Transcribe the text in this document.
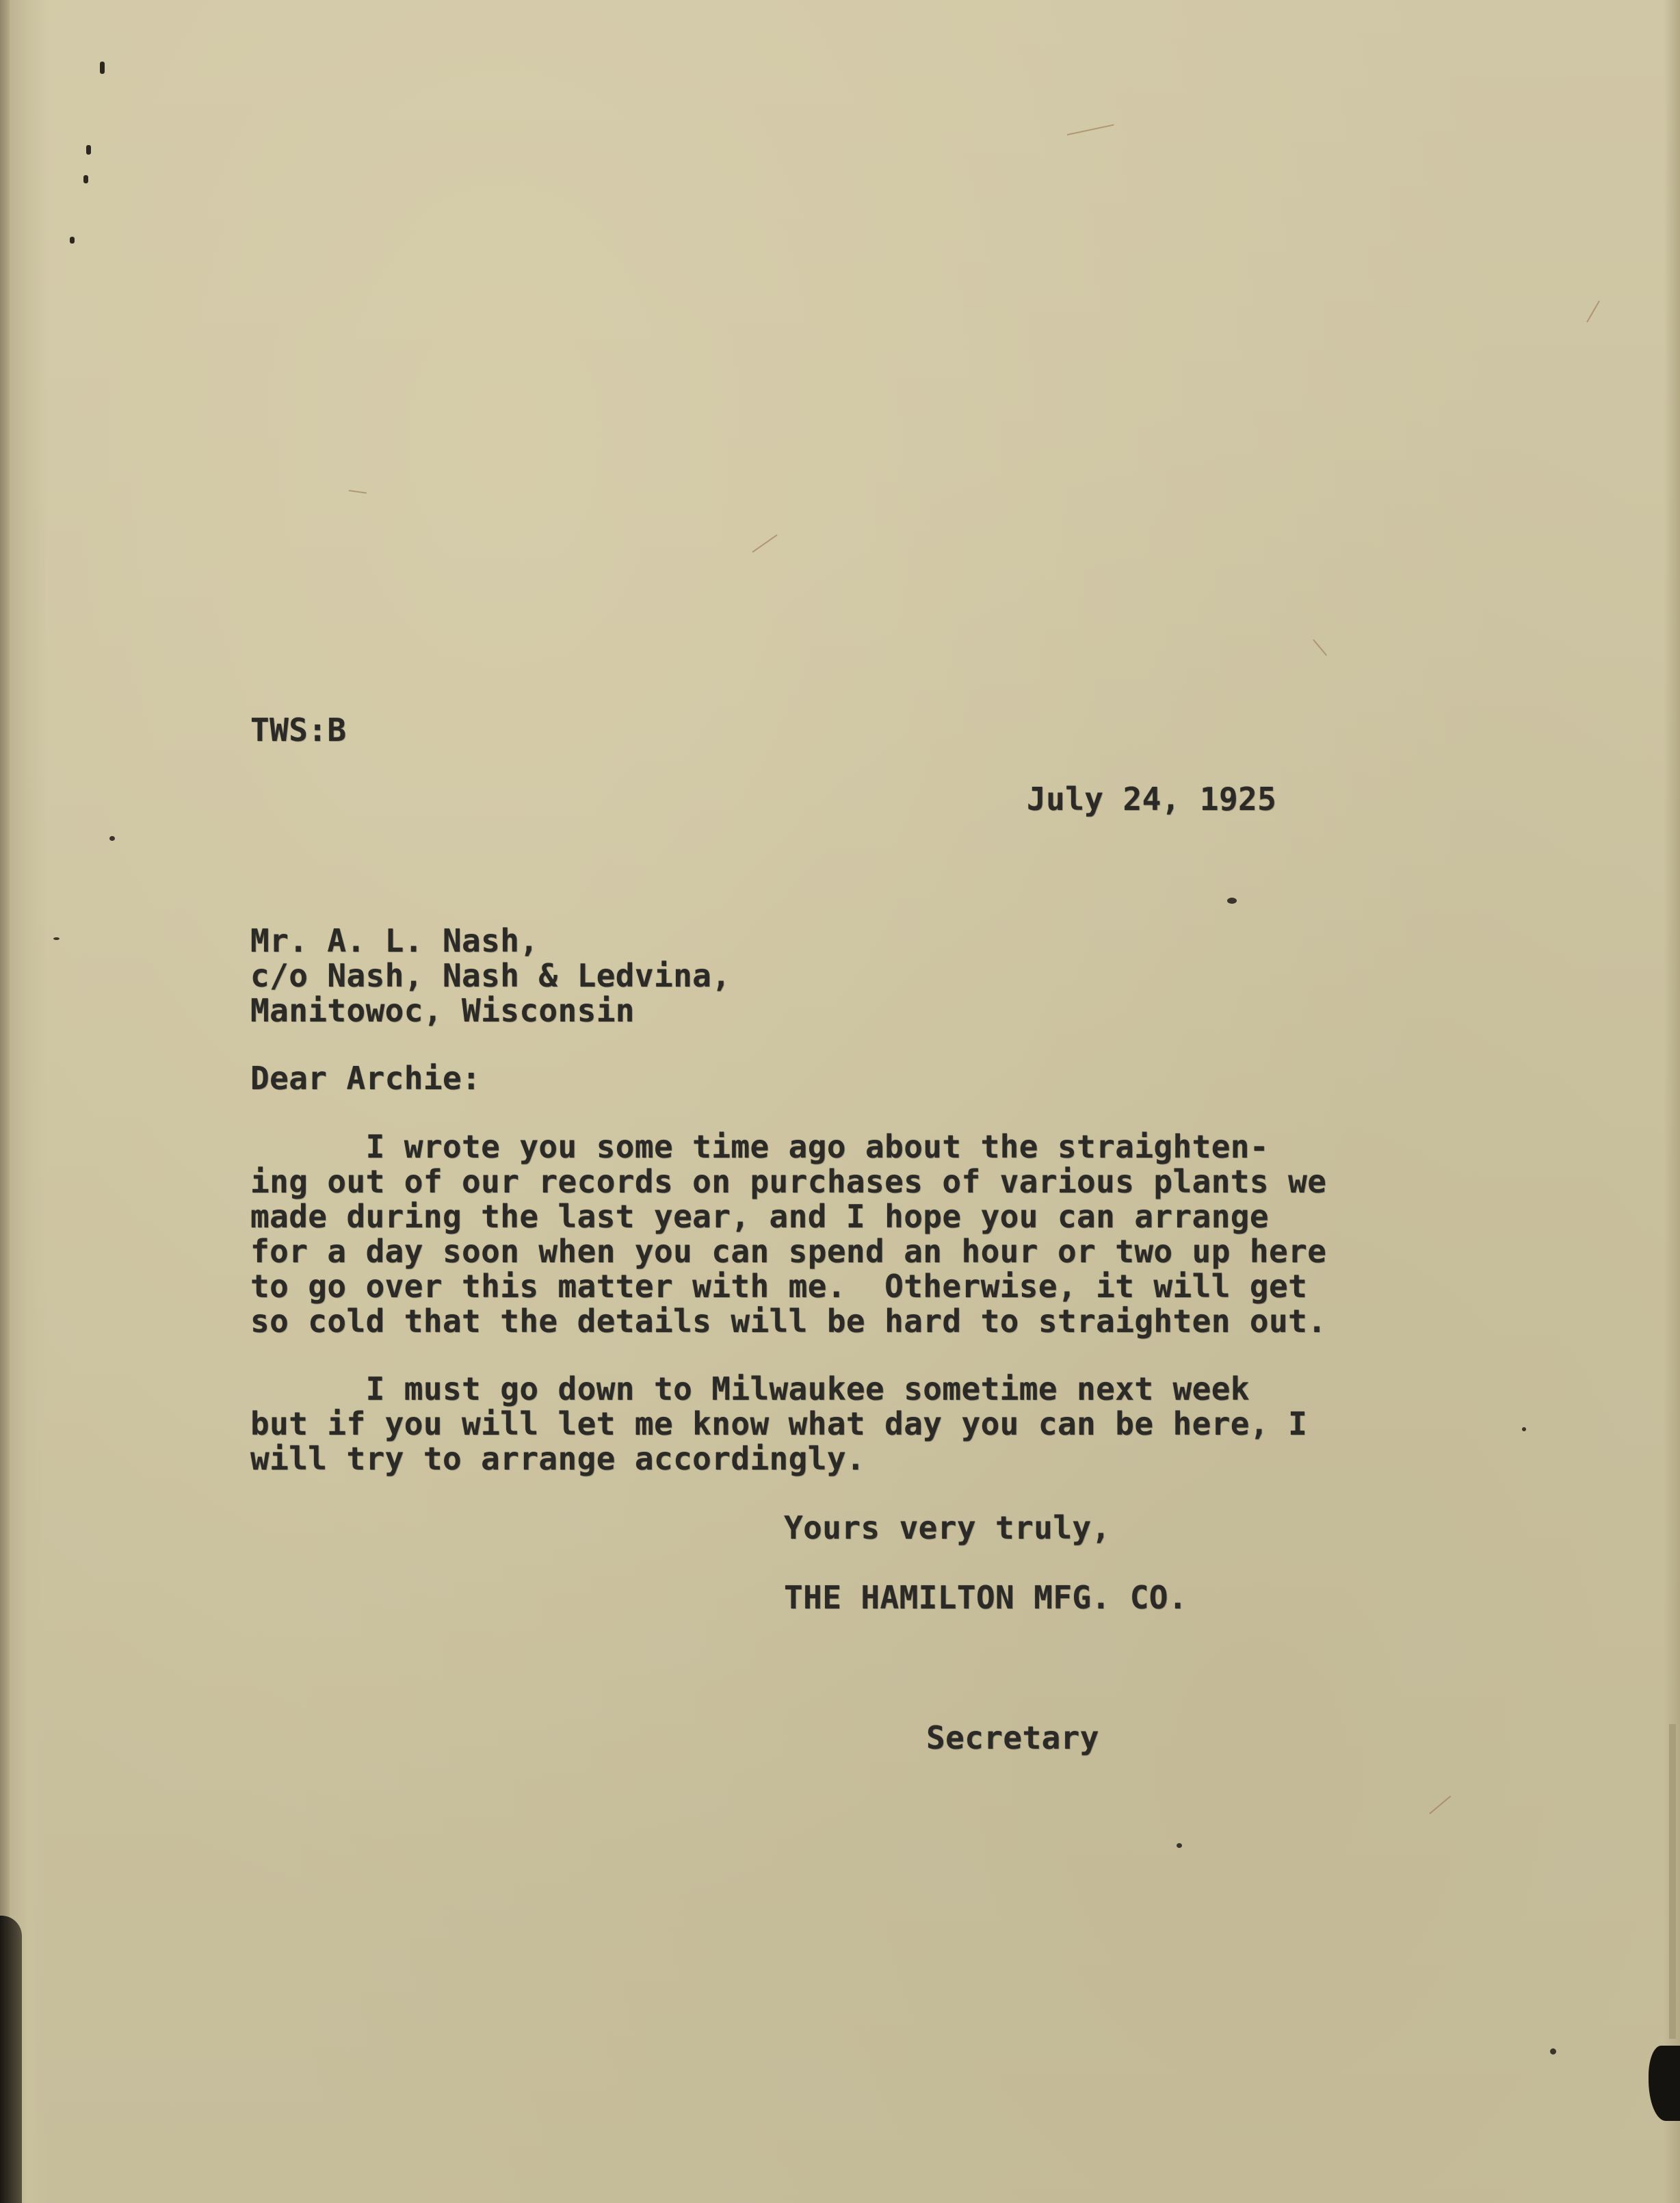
TWS:B
July 24, 1925
Mr. A. L. Nash,
c/o Nash, Nash & Ledvina,
Manitowoc, Wisconsin
Dear Archie:
I wrote you some time ago about the straighten-
ing out of our records on purchases of various plants we
made during the last year, and I hope you can arrange
for a day soon when you can spend an hour or two up here
to go over this matter with me.  Otherwise, it will get
so cold that the details will be hard to straighten out.
I must go down to Milwaukee sometime next week
but if you will let me know what day you can be here, I
will try to arrange accordingly.
Yours very truly,
THE HAMILTON MFG. CO.
Secretary
